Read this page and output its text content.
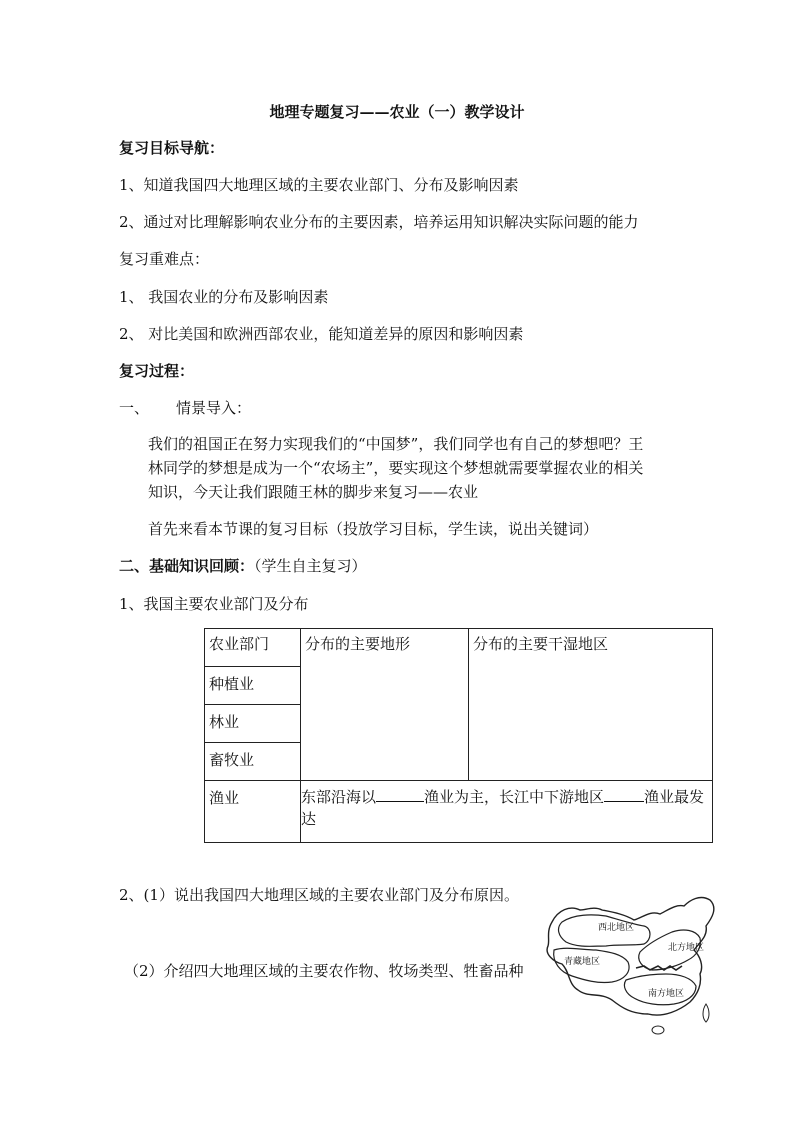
地理专题复习——农业（一）教学设计
复习目标导航：
1、知道我国四大地理区域的主要农业部门、分布及影响因素
2、通过对比理解影响农业分布的主要因素，培养运用知识解决实际问题的能力
复习重难点：
1、 我国农业的分布及影响因素
2、 对比美国和欧洲西部农业，能知道差异的原因和影响因素
复习过程：
一、 情景导入：
我们的祖国正在努力实现我们的“中国梦”，我们同学也有自己的梦想吧？王林同学的梦想是成为一个“农场主”，要实现这个梦想就需要掌握农业的相关知识，今天让我们跟随王林的脚步来复习——农业
首先来看本节课的复习目标（投放学习目标，学生读，说出关键词）
二、基础知识回顾：（学生自主复习）
1、我国主要农业部门及分布
农业部门	分布的主要地形	分布的主要干湿地区
种植业		
林业		
畜牧业		
渔业			东部沿海以	渔业为主，长江中下游地区	渔业最发达
2、(1）说出我国四大地理区域的主要农业部门及分布原因。
（2）介绍四大地理区域的主要农作物、牧场类型、牲畜品种
西北地区
青藏地区
北方地区
南方地区
